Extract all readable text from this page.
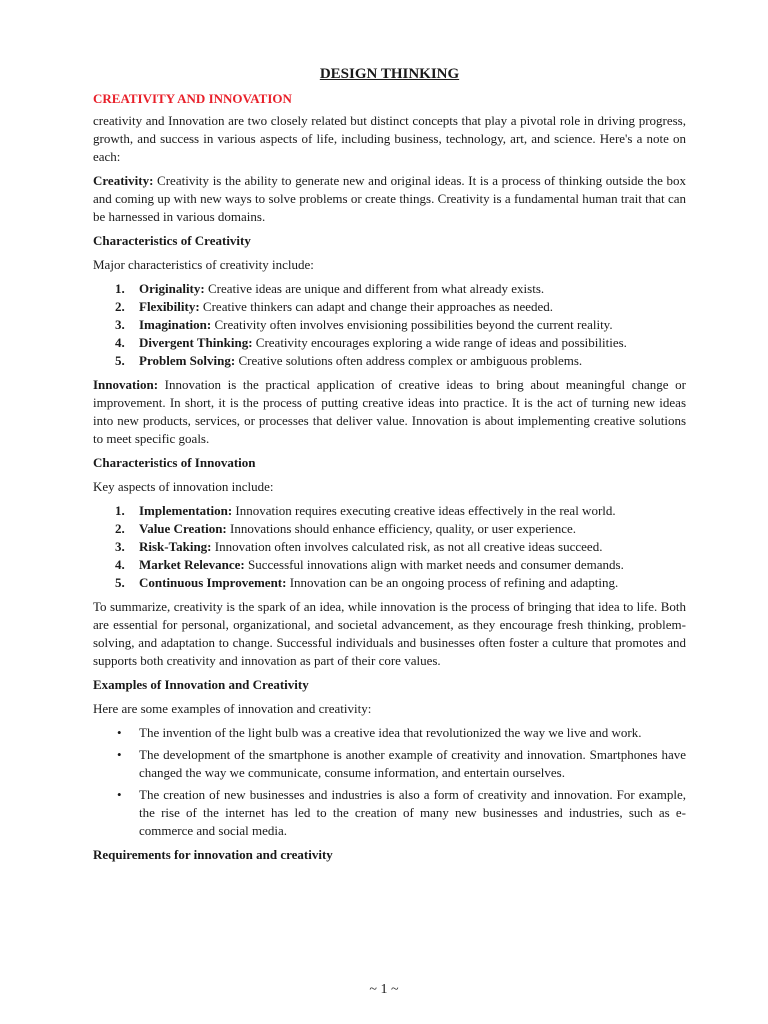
DESIGN THINKING
CREATIVITY AND INNOVATION

creativity and Innovation are two closely related but distinct concepts that play a pivotal role in driving progress, growth, and success in various aspects of life, including business, technology, art, and science. Here's a note on each:

Creativity: Creativity is the ability to generate new and original ideas. It is a process of thinking outside the box and coming up with new ways to solve problems or create things. Creativity is a fundamental human trait that can be harnessed in various domains.

Characteristics of Creativity

Major characteristics of creativity include:

1. Originality: Creative ideas are unique and different from what already exists.
2. Flexibility: Creative thinkers can adapt and change their approaches as needed.
3. Imagination: Creativity often involves envisioning possibilities beyond the current reality.
4. Divergent Thinking: Creativity encourages exploring a wide range of ideas and possibilities.
5. Problem Solving: Creative solutions often address complex or ambiguous problems.

Innovation: Innovation is the practical application of creative ideas to bring about meaningful change or improvement. In short, it is the process of putting creative ideas into practice. It is the act of turning new ideas into new products, services, or processes that deliver value. Innovation is about implementing creative solutions to meet specific goals.

Characteristics of Innovation

Key aspects of innovation include:

1. Implementation: Innovation requires executing creative ideas effectively in the real world.
2. Value Creation: Innovations should enhance efficiency, quality, or user experience.
3. Risk-Taking: Innovation often involves calculated risk, as not all creative ideas succeed.
4. Market Relevance: Successful innovations align with market needs and consumer demands.
5. Continuous Improvement: Innovation can be an ongoing process of refining and adapting.

To summarize, creativity is the spark of an idea, while innovation is the process of bringing that idea to life. Both are essential for personal, organizational, and societal advancement, as they encourage fresh thinking, problem-solving, and adaptation to change. Successful individuals and businesses often foster a culture that promotes and supports both creativity and innovation as part of their core values.

Examples of Innovation and Creativity

Here are some examples of innovation and creativity:

• The invention of the light bulb was a creative idea that revolutionized the way we live and work.
• The development of the smartphone is another example of creativity and innovation. Smartphones have changed the way we communicate, consume information, and entertain ourselves.
• The creation of new businesses and industries is also a form of creativity and innovation. For example, the rise of the internet has led to the creation of many new businesses and industries, such as e-commerce and social media.
Requirements for innovation and creativity
~ 1 ~
